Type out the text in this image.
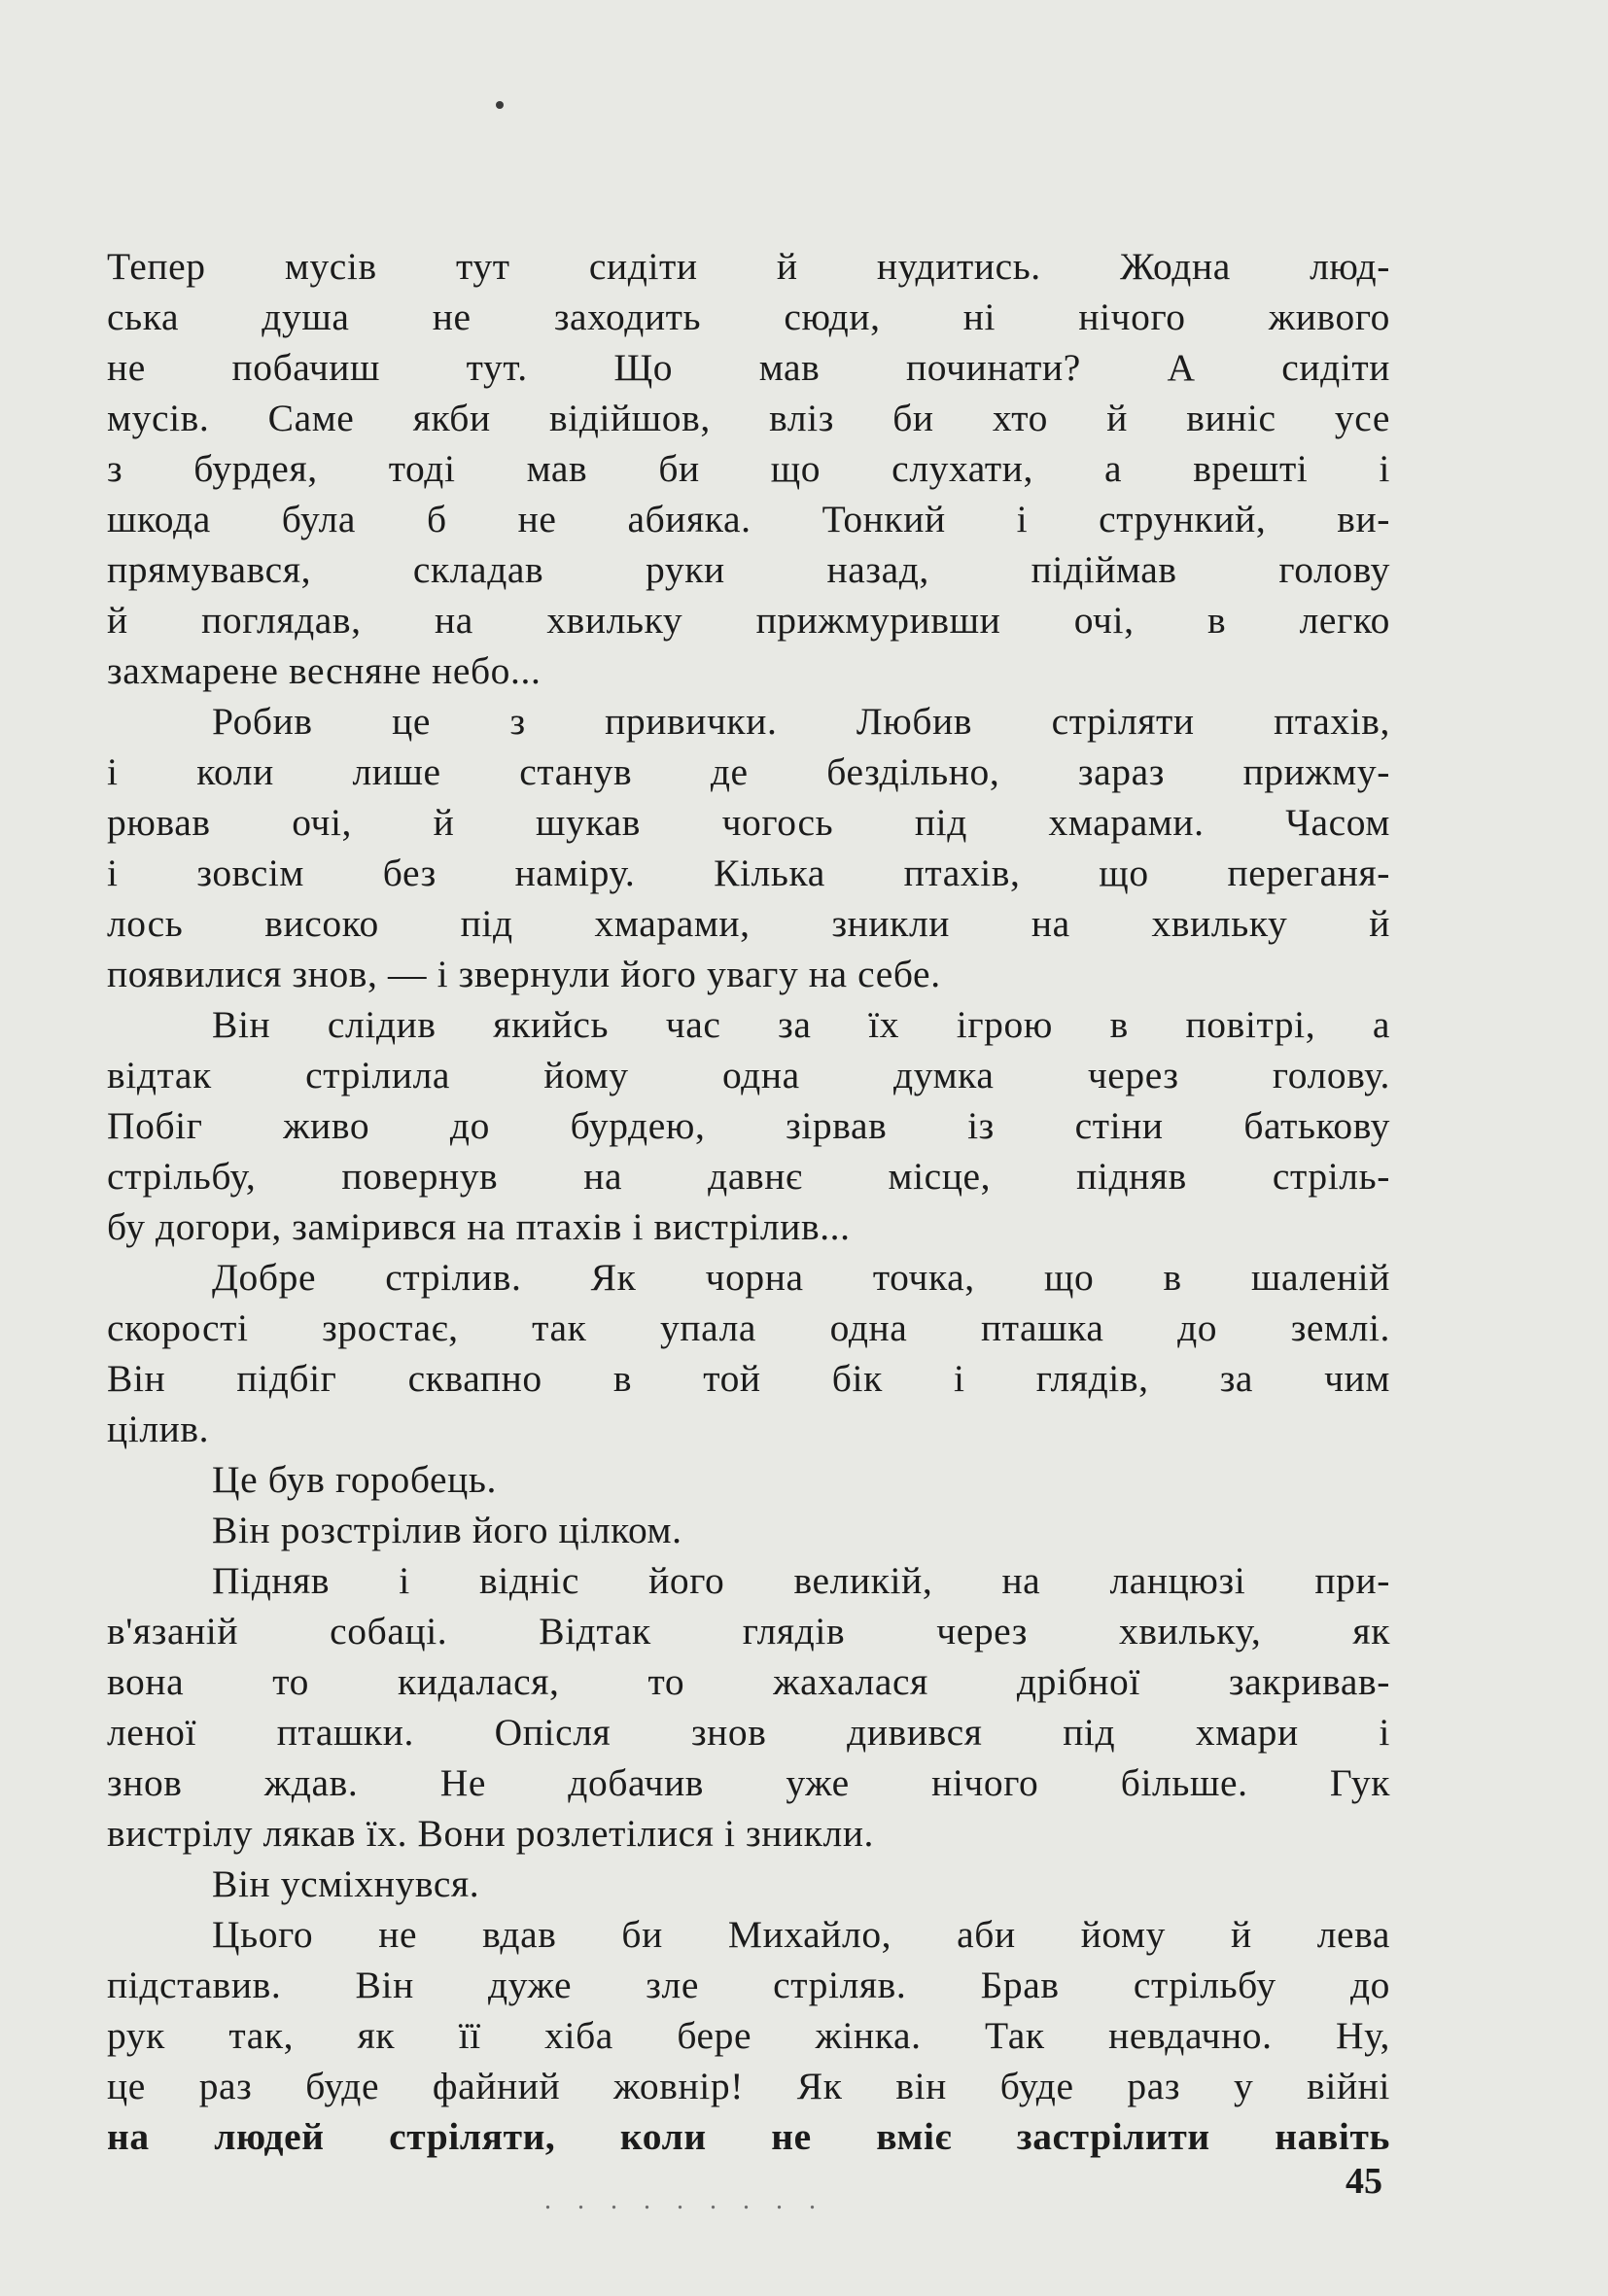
Тепер мусів тут сидіти й нудитись. Жодна люд-
ська душа не заходить сюди, ні нічого живого
не побачиш тут. Що мав починати? А сидіти
мусів. Саме якби відійшов, вліз би хто й виніс усе
з бурдея, тоді мав би що слухати, а врешті і
шкода була б не абияка. Тонкий і стрункий, ви-
прямувався, складав руки назад, підіймав голову
й поглядав, на хвильку прижмуривши очі, в легко
захмарене весняне небо...
Робив це з привички. Любив стріляти птахів,
і коли лише станув де бездільно, зараз прижму-
рював очі, й шукав чогось під хмарами. Часом
і зовсім без наміру. Кілька птахів, що переганя-
лось високо під хмарами, зникли на хвильку й
появилися знов, — і звернули його увагу на себе.
Він слідив якийсь час за їх ігрою в повітрі, а
відтак стрілила йому одна думка через голову.
Побіг живо до бурдею, зірвав із стіни батькову
стрільбу, повернув на давнє місце, підняв стріль-
бу догори, замірився на птахів і вистрілив...
Добре стрілив. Як чорна точка, що в шаленій
скорості зростає, так упала одна пташка до землі.
Він підбіг сквапно в той бік і глядів, за чим
цілив.
Це був горобець.
Він розстрілив його цілком.
Підняв і відніс його великій, на ланцюзі при-
в'язаній собаці. Відтак глядів через хвильку, як
вона то кидалася, то жахалася дрібної закривав-
леної пташки. Опісля знов дивився під хмари і
знов ждав. Не добачив уже нічого більше. Гук
вистрілу лякав їх. Вони розлетілися і зникли.
Він усміхнувся.
Цього не вдав би Михайло, аби йому й лева
підставив. Він дуже зле стріляв. Брав стрільбу до
рук так, як її хіба бере жінка. Так невдачно. Ну,
це раз буде файний жовнір! Як він буде раз у війні
на людей стріляти, коли не вміє застрілити навіть
. . . . . . . . .	45
